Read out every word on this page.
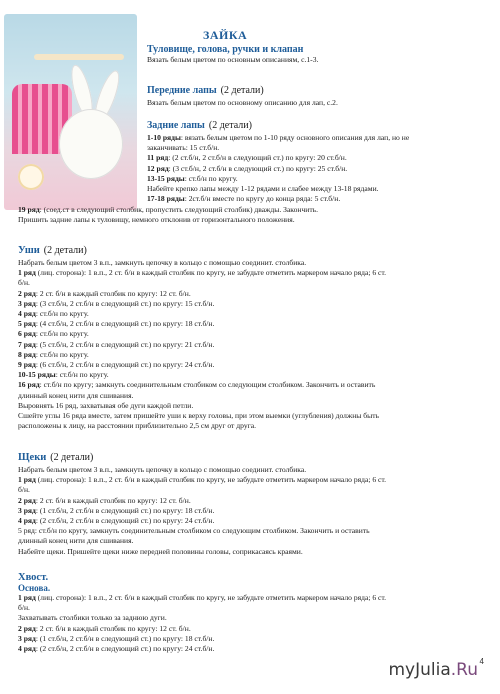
ЗАЙКА
Туловище, голова, ручки и клапан
Вязать белым цветом по основным описаниям, с.1-3.
Передние лапы (2 детали)
Вязать белым цветом по основному описанию для лап, с.2.
Задние лапы (2 детали)
1-10 ряды: вязать белым цветом по 1-10 ряду основного описания для лап, но не
заканчивать: 15 ст.б/н.
11 ряд: (2 ст.б/н, 2 ст.б/н в следующий ст.) по кругу: 20 ст.б/н.
12 ряд: (3 ст.б/н, 2 ст.б/н в следующий ст.) по кругу: 25 ст.б/н.
13-15 ряды: ст.б/н по кругу.
Набейте крепко лапы между 1-12 рядами и слабее между 13-18 рядами.
17-18 ряды: 2ст.б/н вместе по кругу до конца ряда: 5 ст.б/н.
19 ряд: (соед.ст в следующий столбик, пропустить следующий столбик) дважды. Закончить.
Пришить задние лапы к туловищу, немного отклонив от горизонтального положения.
Уши (2 детали)
Набрать белым цветом 3 в.п., замкнуть цепочку в кольцо с помощью соединит. столбика.
1 ряд (лиц. сторона): 1 в.п., 2 ст. б/н в каждый столбик по кругу, не забудьте отметить маркером начало ряда; 6 ст.
б/н.
2 ряд: 2 ст. б/н в каждый столбик по кругу: 12 ст. б/н.
3 ряд: (3 ст.б/н, 2 ст.б/н в следующий ст.) по кругу: 15 ст.б/н.
4 ряд: ст.б/н по кругу.
5 ряд: (4 ст.б/н, 2 ст.б/н в следующий ст.) по кругу: 18 ст.б/н.
6 ряд: ст.б/н по кругу.
7 ряд: (5 ст.б/н, 2 ст.б/н в следующий ст.) по кругу: 21 ст.б/н.
8 ряд: ст.б/н по кругу.
9 ряд: (6 ст.б/н, 2 ст.б/н в следующий ст.) по кругу: 24 ст.б/н.
10-15 ряды: ст.б/н по кругу.
16 ряд: ст.б/н по кругу; замкнуть соединительным столбиком со следующим столбиком. Закончить и оставить
длинный конец нити для сшивания.
Выровнять 16 ряд, захватывая обе дуги каждой петли.
Сшейте углы 16 ряда вместе, затем пришейте уши к верху головы, при этом выемки (углубления) должны быть
расположены к лицу, на расстоянии приблизительно 2,5 см друг от друга.
Щеки (2 детали)
Набрать белым цветом 3 в.п., замкнуть цепочку в кольцо с помощью соединит. столбика.
1 ряд (лиц. сторона): 1 в.п., 2 ст. б/н в каждый столбик по кругу, не забудьте отметить маркером начало ряда; 6 ст.
б/н.
2 ряд: 2 ст. б/н в каждый столбик по кругу: 12 ст. б/н.
3 ряд: (1 ст.б/н, 2 ст.б/н в следующий ст.) по кругу: 18 ст.б/н.
4 ряд: (2 ст.б/н, 2 ст.б/н в следующий ст.) по кругу: 24 ст.б/н.
5 ряд: ст.б/н по кругу, замкнуть соединительным столбиком со следующим столбиком. Закончить и оставить
длинный конец нити для сшивания.
Набейте щеки. Пришейте щеки ниже передней половины головы, соприкасаясь краями.
Хвост.
Основа.
1 ряд (лиц. сторона): 1 в.п., 2 ст. б/н в каждый столбик по кругу, не забудьте отметить маркером начало ряда; 6 ст.
б/н.
Захватывать столбики только за заднюю дуги.
2 ряд: 2 ст. б/н в каждый столбик по кругу: 12 ст. б/н.
3 ряд: (1 ст.б/н, 2 ст.б/н в следующий ст.) по кругу: 18 ст.б/н.
4 ряд: (2 ст.б/н, 2 ст.б/н в следующий ст.) по кругу: 24 ст.б/н.
myJulia.Ru 4
